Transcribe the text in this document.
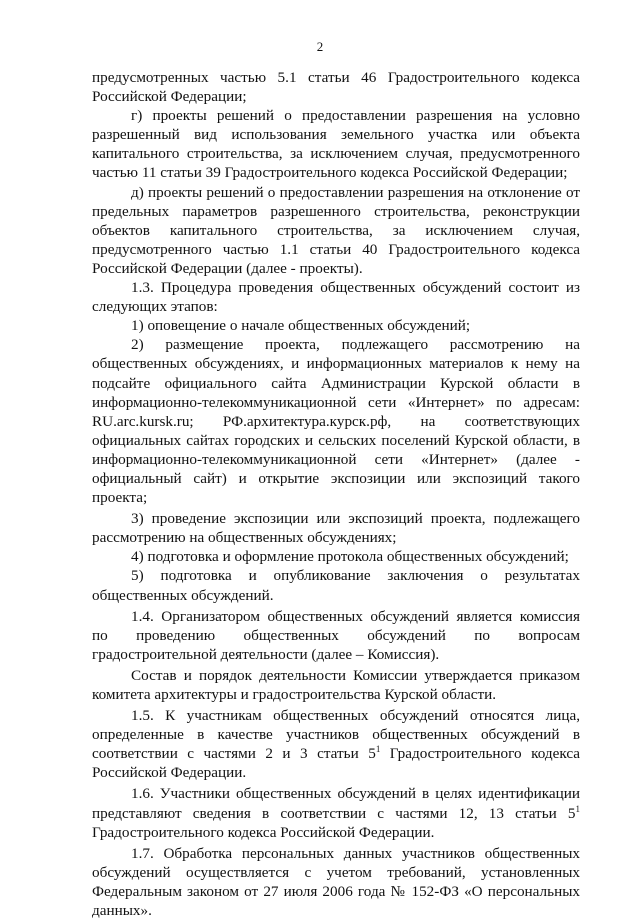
2

предусмотренных частью 5.1 статьи 46 Градостроительного кодекса Российской Федерации;

г) проекты решений о предоставлении разрешения на условно разрешенный вид использования земельного участка или объекта капитального строительства, за исключением случая, предусмотренного частью 11 статьи 39 Градостроительного кодекса Российской Федерации;

д) проекты решений о предоставлении разрешения на отклонение от предельных параметров разрешенного строительства, реконструкции объектов капитального строительства, за исключением случая, предусмотренного частью 1.1 статьи 40 Градостроительного кодекса Российской Федерации (далее - проекты).

1.3. Процедура проведения общественных обсуждений состоит из следующих этапов:

1) оповещение о начале общественных обсуждений;

2) размещение проекта, подлежащего рассмотрению на общественных обсуждениях, и информационных материалов к нему на подсайте официального сайта Администрации Курской области в информационно-телекоммуникационной сети «Интернет» по адресам: RU.arc.kursk.ru; РФ.архитектура.курск.рф, на соответствующих официальных сайтах городских и сельских поселений Курской области, в информационно-телекоммуникационной сети «Интернет» (далее - официальный сайт) и открытие экспозиции или экспозиций такого проекта;

3) проведение экспозиции или экспозиций проекта, подлежащего рассмотрению на общественных обсуждениях;

4) подготовка и оформление протокола общественных обсуждений;

5) подготовка и опубликование заключения о результатах общественных обсуждений.

1.4. Организатором общественных обсуждений является комиссия по проведению общественных обсуждений по вопросам градостроительной деятельности (далее – Комиссия).

Состав и порядок деятельности Комиссии утверждается приказом комитета архитектуры и градостроительства Курской области.

1.5. К участникам общественных обсуждений относятся лица, определенные в качестве участников общественных обсуждений в соответствии с частями 2 и 3 статьи $5^1$ Градостроительного кодекса Российской Федерации.

1.6. Участники общественных обсуждений в целях идентификации представляют сведения в соответствии с частями 12, 13 статьи $5^1$ Градостроительного кодекса Российской Федерации.

1.7. Обработка персональных данных участников общественных обсуждений осуществляется с учетом требований, установленных Федеральным законом от 27 июля 2006 года № 152-ФЗ «О персональных данных».
